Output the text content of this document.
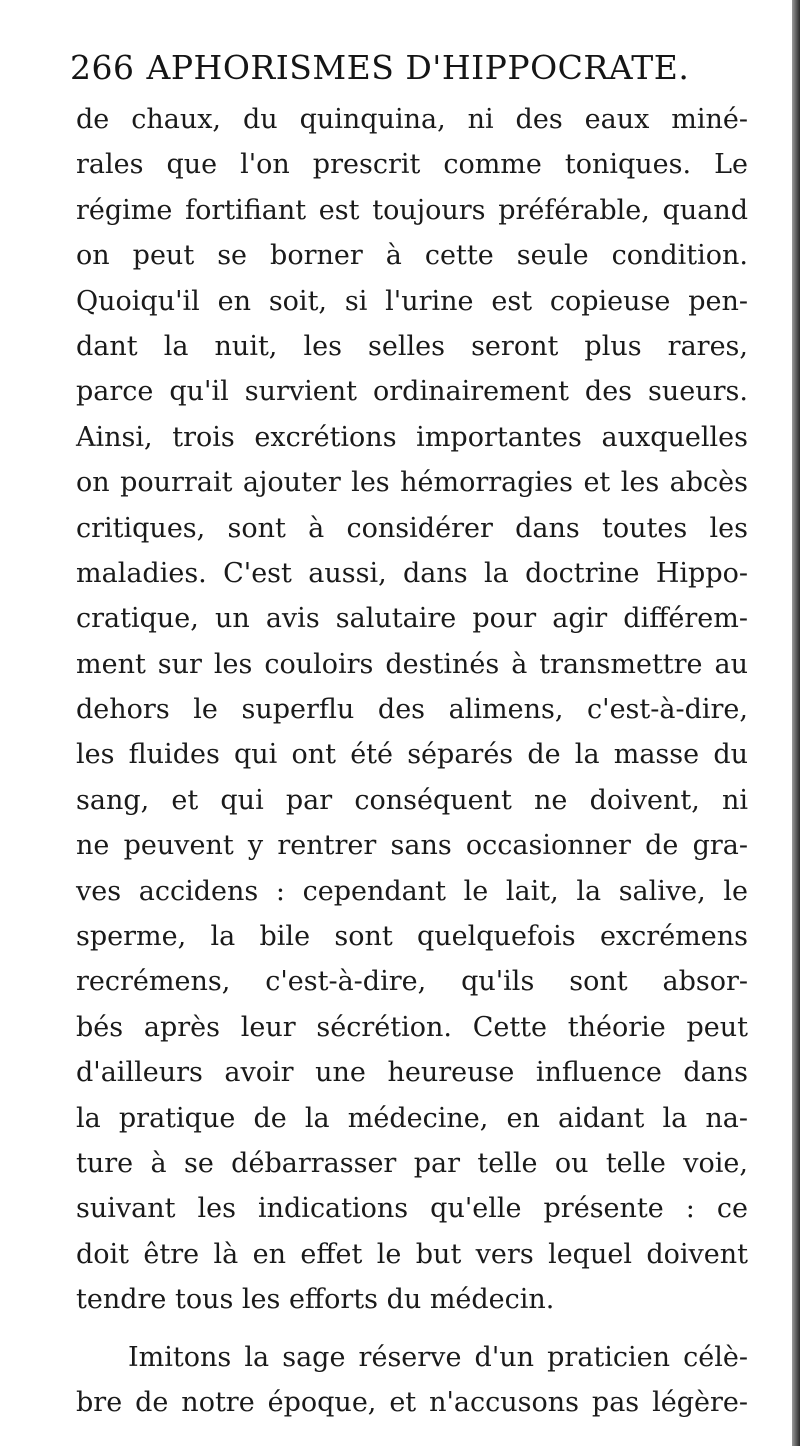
266 APHORISMES D'HIPPOCRATE.
de chaux, du quinquina, ni des eaux miné-
rales que l'on prescrit comme toniques. Le
régime fortifiant est toujours préférable, quand
on peut se borner à cette seule condition.
Quoiqu'il en soit, si l'urine est copieuse pen-
dant la nuit, les selles seront plus rares,
parce qu'il survient ordinairement des sueurs.
Ainsi, trois excrétions importantes auxquelles
on pourrait ajouter les hémorragies et les abcès
critiques, sont à considérer dans toutes les
maladies. C'est aussi, dans la doctrine Hippo-
cratique, un avis salutaire pour agir différem-
ment sur les couloirs destinés à transmettre au
dehors le superflu des alimens, c'est-à-dire,
les fluides qui ont été séparés de la masse du
sang, et qui par conséquent ne doivent, ni
ne peuvent y rentrer sans occasionner de gra-
ves accidens : cependant le lait, la salive, le
sperme, la bile sont quelquefois excrémens
recrémens, c'est-à-dire, qu'ils sont absor-
bés après leur sécrétion. Cette théorie peut
d'ailleurs avoir une heureuse influence dans
la pratique de la médecine, en aidant la na-
ture à se débarrasser par telle ou telle voie,
suivant les indications qu'elle présente : ce
doit être là en effet le but vers lequel doivent
tendre tous les efforts du médecin.
Imitons la sage réserve d'un praticien célè-
bre de notre époque, et n'accusons pas légère-
